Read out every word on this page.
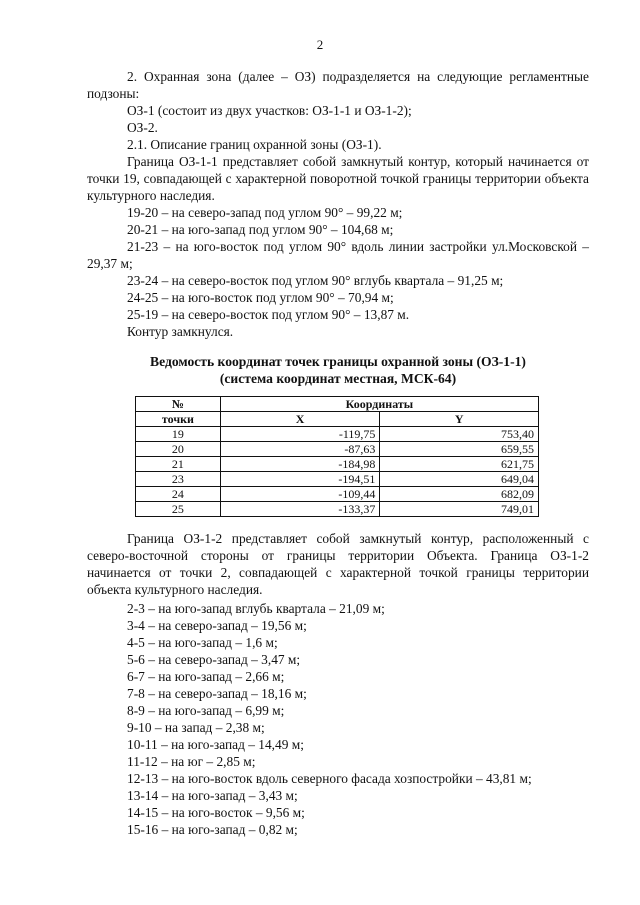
2

2. Охранная зона (далее – ОЗ) подразделяется на следующие регламентные подзоны:

ОЗ-1 (состоит из двух участков: ОЗ-1-1 и ОЗ-1-2);

ОЗ-2.

2.1. Описание границ охранной зоны (ОЗ-1).

Граница ОЗ-1-1 представляет собой замкнутый контур, который начинается от точки 19, совпадающей с характерной поворотной точкой границы территории объекта культурного наследия.

19-20 – на северо-запад под углом 90° – 99,22 м;

20-21 – на юго-запад под углом 90° – 104,68 м;

21-23 – на юго-восток под углом 90° вдоль линии застройки ул.Московской – 29,37 м;

23-24 – на северо-восток под углом 90° вглубь квартала – 91,25 м;

24-25 – на юго-восток под углом 90° – 70,94 м;

25-19 – на северо-восток под углом 90° – 13,87 м.

Контур замкнулся.

Ведомость координат точек границы охранной зоны (ОЗ-1-1)
(система координат местная, МСК-64)
№	Координаты	
точки	X	Y
19	-119,75	753,40
20	-87,63	659,55
21	-184,98	621,75
23	-194,51	649,04
24	-109,44	682,09
25	-133,37	749,01

Граница ОЗ-1-2 представляет собой замкнутый контур, расположенный с северо-восточной стороны от границы территории Объекта. Граница ОЗ-1-2 начинается от точки 2, совпадающей с характерной точкой границы территории объекта культурного наследия.

2-3 – на юго-запад вглубь квартала – 21,09 м;

3-4 – на северо-запад – 19,56 м;

4-5 – на юго-запад – 1,6 м;

5-6 – на северо-запад – 3,47 м;

6-7 – на юго-запад – 2,66 м;

7-8 – на северо-запад – 18,16 м;

8-9 – на юго-запад – 6,99 м;

9-10 – на запад – 2,38 м;

10-11 – на юго-запад – 14,49 м;

11-12 – на юг – 2,85 м;

12-13 – на юго-восток вдоль северного фасада хозпостройки – 43,81 м;

13-14 – на юго-запад – 3,43 м;

14-15 – на юго-восток – 9,56 м;

15-16 – на юго-запад – 0,82 м;
